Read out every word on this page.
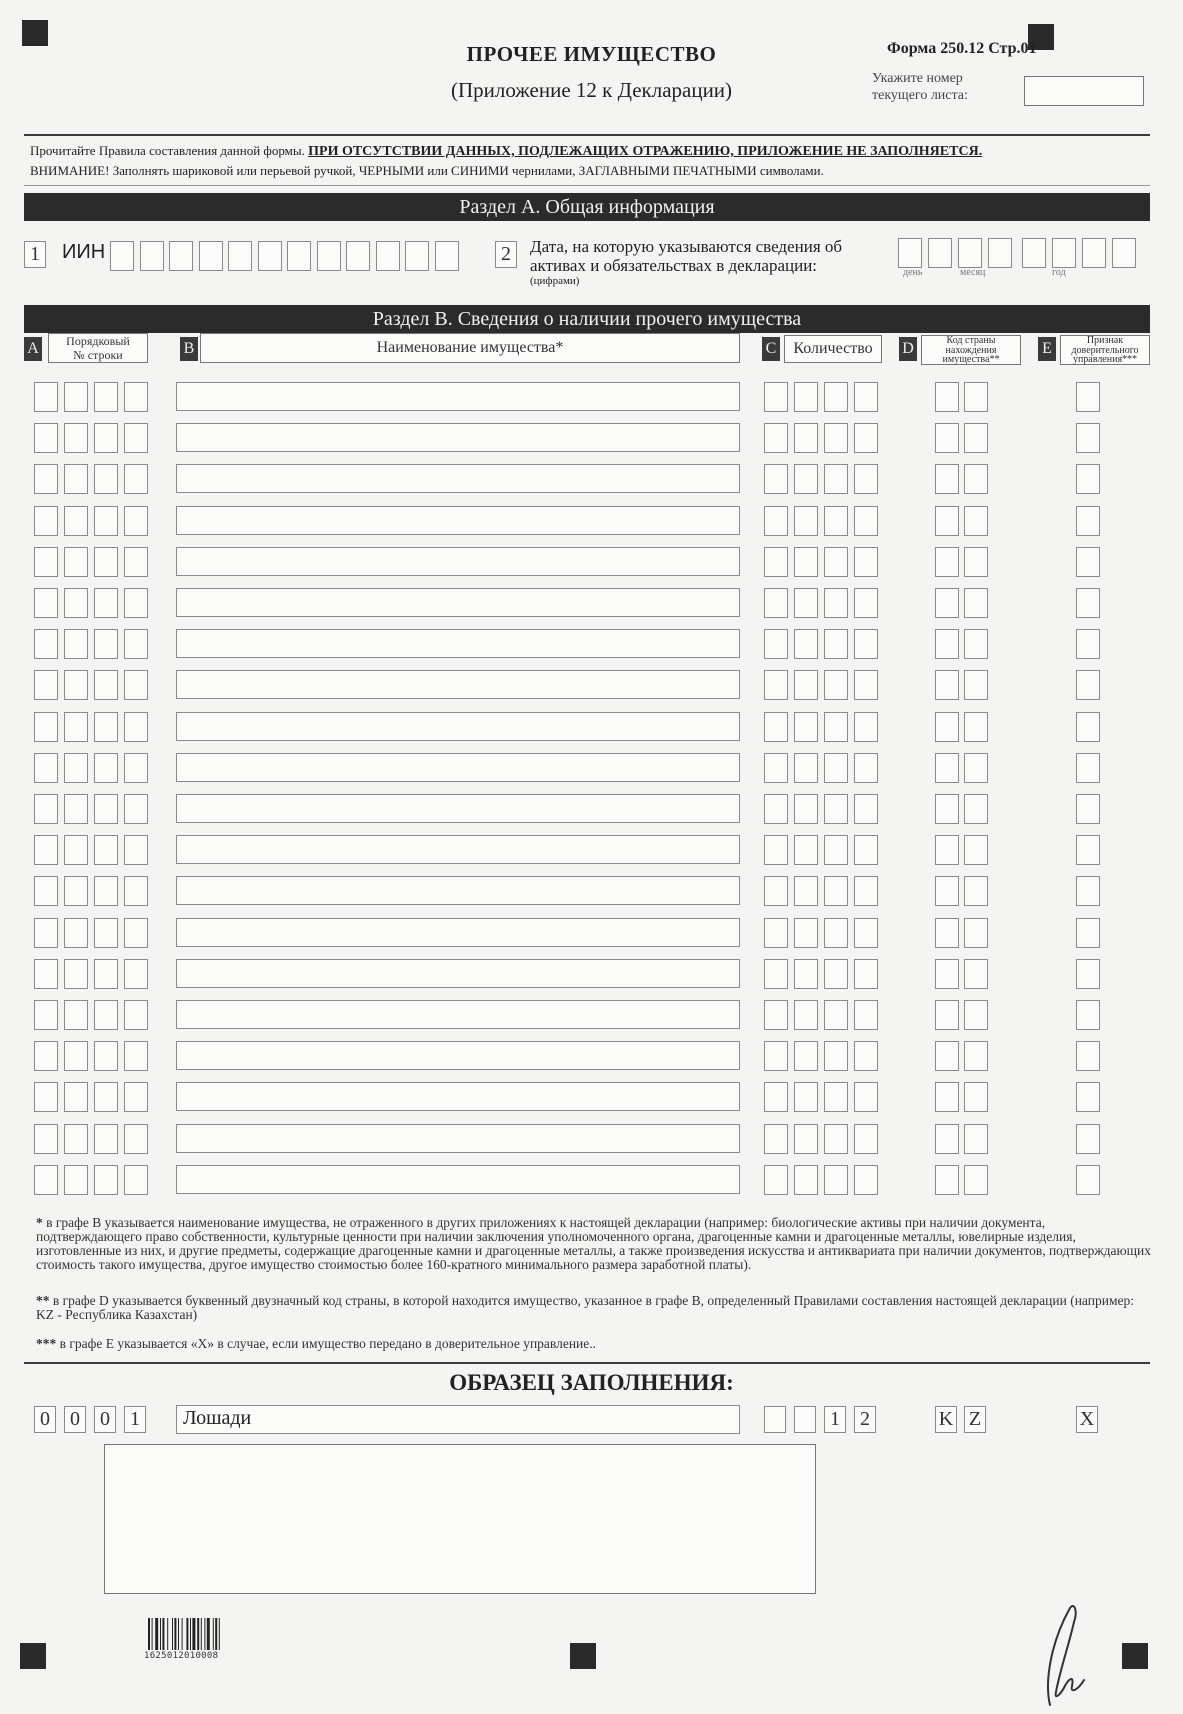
ПРОЧЕЕ ИМУЩЕСТВО
(Приложение 12 к Декларации)
Форма 250.12 Стр.01
Укажите номер
текущего листа:
Прочитайте Правила составления данной формы. ПРИ ОТСУТСТВИИ ДАННЫХ, ПОДЛЕЖАЩИХ ОТРАЖЕНИЮ, ПРИЛОЖЕНИЕ НЕ ЗАПОЛНЯЕТСЯ.
ВНИМАНИЕ! Заполнять шариковой или перьевой ручкой, ЧЕРНЫМИ или СИНИМИ чернилами, ЗАГЛАВНЫМИ ПЕЧАТНЫМИ символами.
Раздел A. Общая информация
1	ИИН	2	Дата, на которую указываются сведения об
активах и обязательствах в декларации:
(цифрами)
день	месяц	год
Раздел B. Сведения о наличии прочего имущества
A	Порядковый
№ строки	B	Наименование имущества*	C	Количество	D	Код страны
нахождения
имущества**
E	Признак
доверительного
управления***
* в графе B указывается наименование имущества, не отраженного в других приложениях к настоящей декларации (например: биологические активы при наличии документа, подтверждающего право собственности, культурные ценности при наличии заключения уполномоченного органа, драгоценные камни и драгоценные металлы, ювелирные изделия, изготовленные из них, и другие предметы, содержащие драгоценные камни и драгоценные металлы, а также произведения искусства и антиквариата при наличии документов, подтверждающих стоимость такого имущества, другое имущество стоимостью более 160-кратного минимального размера заработной платы).
** в графе D указывается буквенный двузначный код страны, в которой находится имущество, указанное в графе B, определенный Правилами составления настоящей декларации (например: KZ - Республика Казахстан)
*** в графе E указывается «X» в случае, если имущество передано в доверительное управление..
ОБРАЗЕЦ ЗАПОЛНЕНИЯ:
0	0	0	1	Лошади	1	2	K Z	X
1625012010008
